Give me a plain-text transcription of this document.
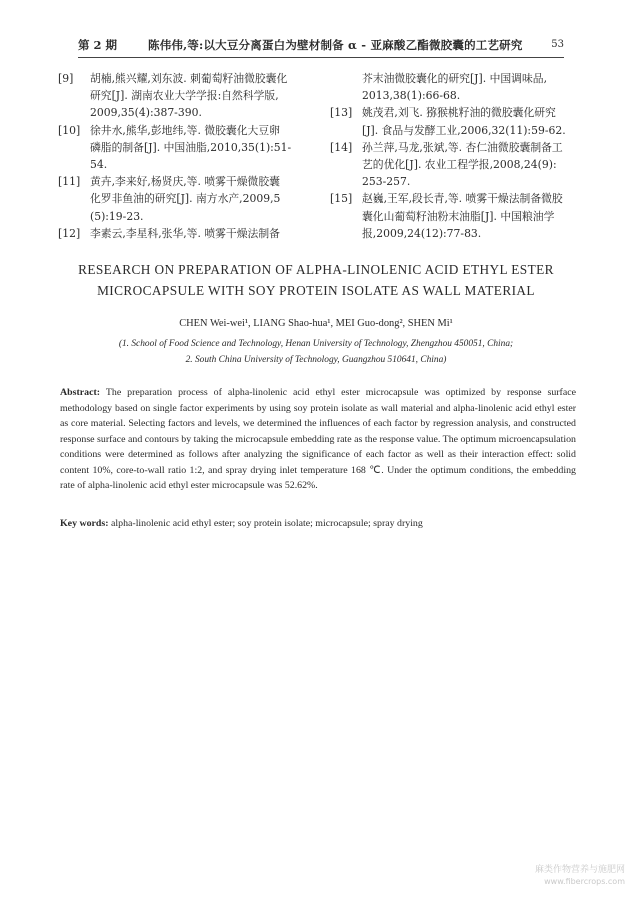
第 2 期	陈伟伟,等:以大豆分离蛋白为壁材制备 α - 亚麻酸乙酯微胶囊的工艺研究	53
[9] 胡楠,熊兴耀,刘东波. 刺葡萄籽油微胶囊化
研究[J]. 湖南农业大学学报:自然科学版,
2009,35(4):387-390.
[10] 徐井水,熊华,彭地纬,等. 微胶囊化大豆卵
磷脂的制备[J]. 中国油脂,2010,35(1):51-
54.
[11] 黄卉,李来好,杨贤庆,等. 喷雾干燥微胶囊
化罗非鱼油的研究[J]. 南方水产,2009,5
(5):19-23.
[12] 李素云,李星科,张华,等. 喷雾干燥法制备
芥末油微胶囊化的研究[J]. 中国调味品,
2013,38(1):66-68.
[13] 姚茂君,刘飞. 猕猴桃籽油的微胶囊化研究
[J]. 食品与发酵工业,2006,32(11):59-62.
[14] 孙兰萍,马龙,张斌,等. 杏仁油微胶囊制备工
艺的优化[J]. 农业工程学报,2008,24(9):
253-257.
[15] 赵巍,王军,段长青,等. 喷雾干燥法制备微胶
囊化山葡萄籽油粉末油脂[J]. 中国粮油学
报,2009,24(12):77-83.
RESEARCH ON PREPARATION OF ALPHA-LINOLENIC ACID ETHYL ESTER
MICROCAPSULE WITH SOY PROTEIN ISOLATE AS WALL MATERIAL
CHEN Wei-wei¹, LIANG Shao-hua¹, MEI Guo-dong², SHEN Mi¹
(1. School of Food Science and Technology, Henan University of Technology, Zhengzhou 450051, China;
2. South China University of Technology, Guangzhou 510641, China)
Abstract: The preparation process of alpha-linolenic acid ethyl ester microcapsule was optimized by response surface methodology based on single factor experiments by using soy protein isolate as wall material and alpha-linolenic acid ethyl ester as core material. Selecting factors and levels, we determined the influences of each factor by regression analysis, and constructed response surface and contours by taking the microcapsule embedding rate as the response value. The optimum microencapsulation conditions were determined as follows after analyzing the significance of each factor as well as their interaction effect: solid content 10%, core-to-wall ratio 1:2, and spray drying inlet temperature 168 ℃. Under the optimum conditions, the embedding rate of alpha-linolenic acid ethyl ester microcapsule was 52.62%.
Key words: alpha-linolenic acid ethyl ester; soy protein isolate; microcapsule; spray drying
麻类作物营养与施肥网
www.fibercrops.com
